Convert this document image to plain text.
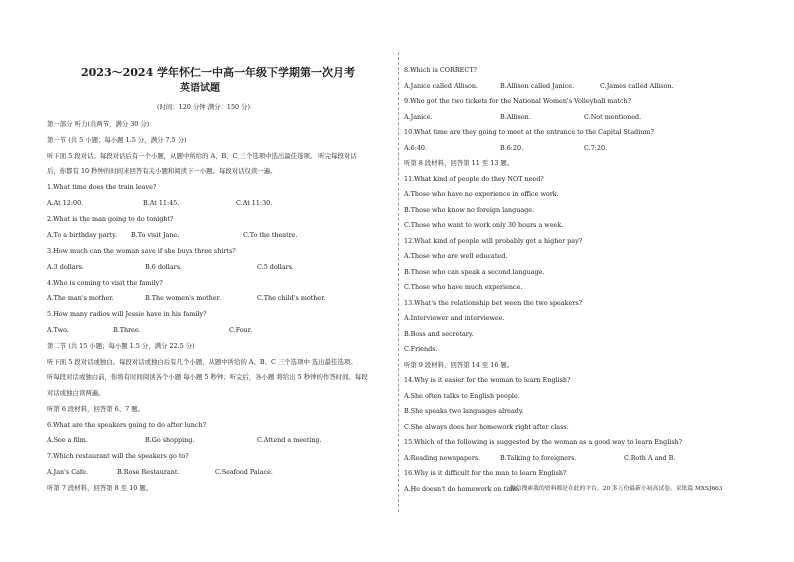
2023～2024 学年怀仁一中高一年级下学期第一次月考
英语试题
(时间：120 分钟 满分：150 分)
第一部分 听力(共两节，满分 30 分)
第一节 (共 5 小题；每小题 1.5 分，满分 7.5 分)
听下面 5 段对话。每段对话后有一个小题，从题中所给的 A、B、C 三个选项中选出最佳选项。 听完每段对话
后，你都有 10 秒钟的时间来回答有关小题和阅读下一小题。每段对话仅读一遍。
1.What time does the train leave?
A.At 12:00.	B.At 11:45.	C.At 11:30.
2.What is the man going to do tonight?
A.To a birthday party. B.To visit Jane.	C.To the theatre.
3.How much can the woman save if she buys three shirts?
A.3 dollars.	B.6 dollars.	C.5 dollars.
4.Who is coming to visit the family?
A.The man's mother.	B.The women's mother.	C.The child's mother.
5.How many radios will Jessie have in his family?
A.Two.	B.Three.	C.Four.
第二节 (共 15 小题；每小题 1.5 分，满分 22.5 分)
听下面 5 段对话或独白。每段对话或独白后有几个小题，从题中所给的 A、B、C 三个选项中 选出最佳选项。
听每段对话或独白前，你将有时间阅读各个小题 每小题 5 秒钟；听完后，各小题 将给出 5 秒钟的作答时间。每段
对话或独白读两遍。
听第 6 段材料，回答第 6、7 题。
6.What are the speakers going to do after lunch?
A.See a film.	B.Go shopping.	C.Attend a meeting.
7.Which restaurant will the speakers go to?
A.Jan's Cafe.	B.Rose Restaurant.	C.Seafood Palace.
听第 7 段材料，回答第 8 至 10 题。
8.Which is CORRECT?
A.Janice called Allison.	B.Allison called Janice.	C.James called Allison.
9.Who got the two tickets for the National Women's Volleyball match?
A.Janice.	B.Allison.	C.Not mentioned.
10.What time are they going to meet at the entrance to the Capital Stadium?
A.6:40.	B.6:20.	C.7:20.
听第 8 段材料，回答第 11 至 13 题。
11.What kind of people do they NOT need?
A.Those who have no experience in office work.
B.Those who know no foreign language.
C.Those who want to work only 30 hours a week.
12.What kind of people will probably get a higher pay?
A.Those who are well educated.
B.Those who can speak a second language.
C.Those who have much experience.
13.What's the relationship bet ween the two speakers?
A.Interviewer and interviewee.
B.Boss and secretary.
C.Friends.
听第 9 段材料，回答第 14 至 16 题。
14.Why is it easier for the woman to learn English?
A.She often talks to English people.
B.She speaks two languages already.
C.She always does her homework right after class.
15.Which of the following is suggested by the woman as a good way to learn English?
A.Reading newspapers.	B.Talking to foreigners.	C.Both A and B.
16.Why is it difficult for the man to learn English?
A.He doesn't do homework on time.
微信搜索我的资料都是在此的平台，20 多万份最新小初高试卷。采纸篇 MXSJ663
